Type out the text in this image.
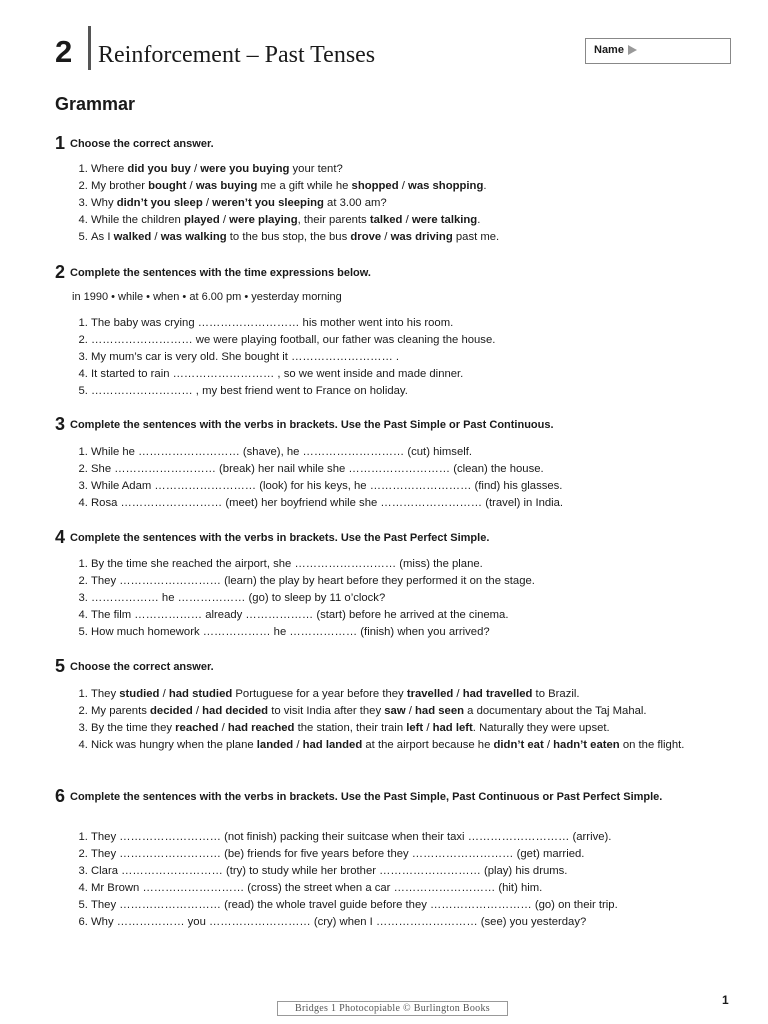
2 Reinforcement – Past Tenses	Name
Grammar
1 Choose the correct answer.
1. Where did you buy / were you buying your tent?
2. My brother bought / was buying me a gift while he shopped / was shopping.
3. Why didn’t you sleep / weren’t you sleeping at 3.00 am?
4. While the children played / were playing, their parents talked / were talking.
5. As I walked / was walking to the bus stop, the bus drove / was driving past me.
2 Complete the sentences with the time expressions below.
in 1990 • while • when • at 6.00 pm • yesterday morning
1. The baby was crying ……………………… his mother went into his room.
2. ……………………… we were playing football, our father was cleaning the house.
3. My mum’s car is very old. She bought it ……………………… .
4. It started to rain ……………………… , so we went inside and made dinner.
5. ……………………… , my best friend went to France on holiday.
3 Complete the sentences with the verbs in brackets. Use the Past Simple or Past Continuous.
1. While he ……………………… (shave), he ……………………… (cut) himself.
2. She ……………………… (break) her nail while she ……………………… (clean) the house.
3. While Adam ……………………… (look) for his keys, he ……………………… (find) his glasses.
4. Rosa ……………………… (meet) her boyfriend while she ……………………… (travel) in India.
4 Complete the sentences with the verbs in brackets. Use the Past Perfect Simple.
1. By the time she reached the airport, she ……………………… (miss) the plane.
2. They ……………………… (learn) the play by heart before they performed it on the stage.
3. ……………… he ……………… (go) to sleep by 11 o’clock?
4. The film ……………… already ……………… (start) before he arrived at the cinema.
5. How much homework ……………… he ……………… (finish) when you arrived?
5 Choose the correct answer.
1. They studied / had studied Portuguese for a year before they travelled / had travelled to Brazil.
2. My parents decided / had decided to visit India after they saw / had seen a documentary about the Taj Mahal.
3. By the time they reached / had reached the station, their train left / had left. Naturally they were upset.
4. Nick was hungry when the plane landed / had landed at the airport because he didn’t eat / hadn’t eaten on the flight.
6 Complete the sentences with the verbs in brackets. Use the Past Simple, Past Continuous or Past Perfect Simple.
1. They ……………………… (not finish) packing their suitcase when their taxi ……………………… (arrive).
2. They ……………………… (be) friends for five years before they ……………………… (get) married.
3. Clara ……………………… (try) to study while her brother ……………………… (play) his drums.
4. Mr Brown ……………………… (cross) the street when a car ……………………… (hit) him.
5. They ……………………… (read) the whole travel guide before they ……………………… (go) on their trip.
6. Why ……………… you ……………………… (cry) when I ……………………… (see) you yesterday?
1
Bridges 1 Photocopiable © Burlington Books
